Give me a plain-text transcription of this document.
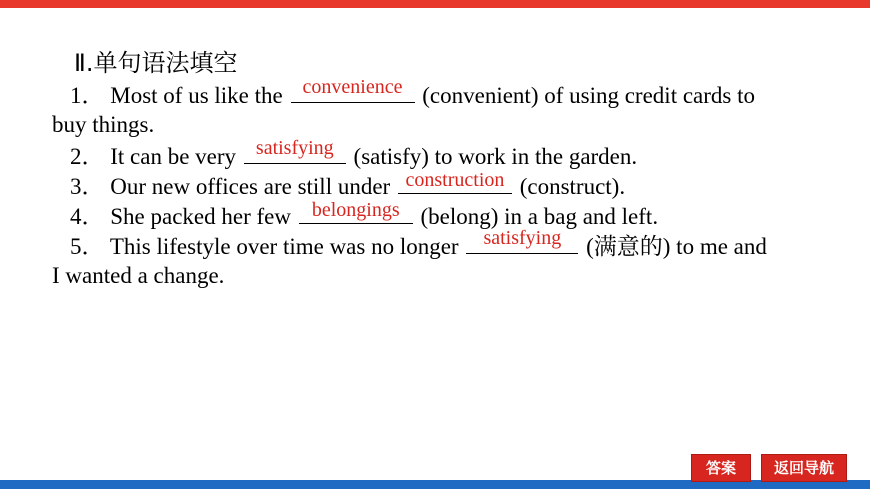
Ⅱ.单句语法填空
1． Most of us like the convenience (convenient) of using credit cards to
buy things.
2． It can be very satisfying (satisfy) to work in the garden.
3． Our new offices are still under construction (construct).
4． She packed her few	belongings (belong) in a bag and left.
5． This lifestyle over time was no longer	satisfying	(满意的) to me and
I wanted a change.
答案	返回导航
